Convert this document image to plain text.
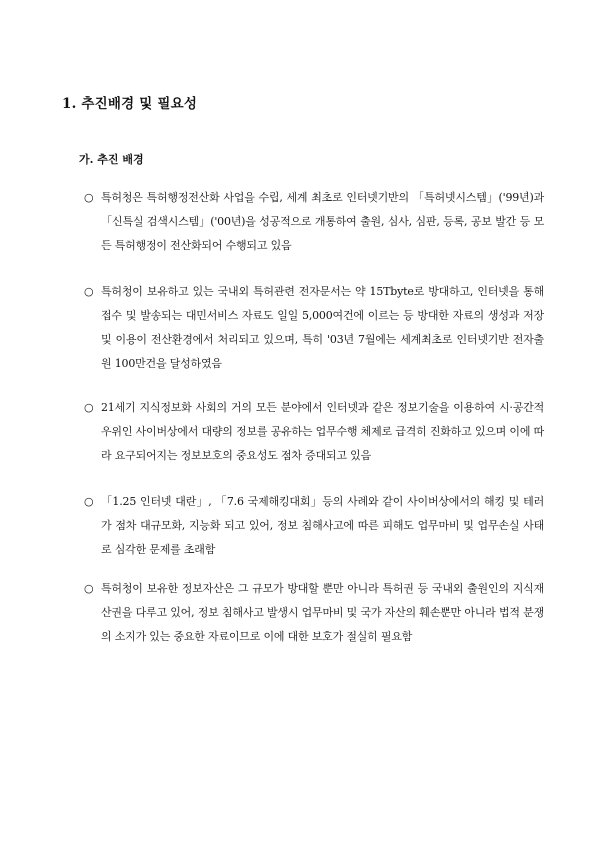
1. 추진배경 및 필요성
가. 추진 배경
○ 특허청은 특허행정전산화 사업을 수립, 세계 최초로 인터넷기반의 「특허넷시스템」('99년)과 「신특실 검색시스템」('00년)을 성공적으로 개통하여 출원, 심사, 심판, 등록, 공보 발간 등 모든 특허행정이 전산화되어 수행되고 있음

○ 특허청이 보유하고 있는 국내외 특허관련 전자문서는 약 15Tbyte로 방대하고, 인터넷을 통해 접수 및 발송되는 대민서비스 자료도 일일 5,000여건에 이르는 등 방대한 자료의 생성과 저장 및 이용이 전산환경에서 처리되고 있으며, 특히 '03년 7월에는 세계최초로 인터넷기반 전자출원 100만건을 달성하였음

○ 21세기 지식정보화 사회의 거의 모든 분야에서 인터넷과 같은 정보기술을 이용하여 시·공간적 우위인 사이버상에서 대량의 정보를 공유하는 업무수행 체제로 급격히 진화하고 있으며 이에 따라 요구되어지는 정보보호의 중요성도 점차 증대되고 있음

○ 「1.25 인터넷 대란」, 「7.6 국제해킹대회」등의 사례와 같이 사이버상에서의 해킹 및 테러가 점차 대규모화, 지능화 되고 있어, 정보 침해사고에 따른 피해도 업무마비 및 업무손실 사태로 심각한 문제를 초래함

○ 특허청이 보유한 정보자산은 그 규모가 방대할 뿐만 아니라 특허권 등 국내외 출원인의 지식재산권을 다루고 있어, 정보 침해사고 발생시 업무마비 및 국가 자산의 훼손뿐만 아니라 법적 분쟁의 소지가 있는 중요한 자료이므로 이에 대한 보호가 절실히 필요함
